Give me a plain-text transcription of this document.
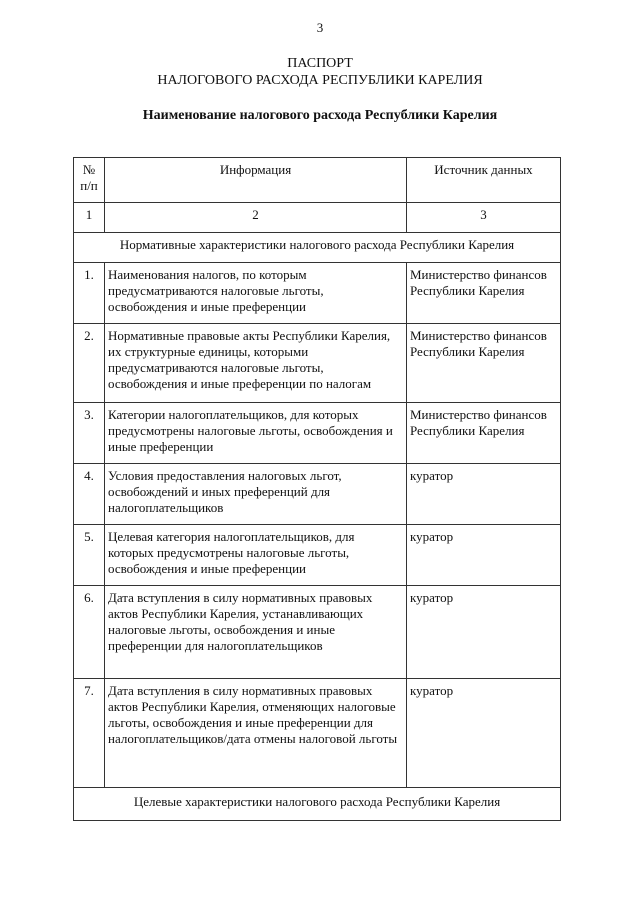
3
ПАСПОРТ
НАЛОГОВОГО РАСХОДА РЕСПУБЛИКИ КАРЕЛИЯ
Наименование налогового расхода Республики Карелия
№ п/п	Информация	Источник данных
1	2	3
Нормативные характеристики налогового расхода Республики Карелия		
1.	Наименования налогов, по которым предусматриваются налоговые льготы, освобождения и иные преференции	Министерство финансов Республики Карелия
2.	Нормативные правовые акты Республики Карелия, их структурные единицы, которыми предусматриваются налоговые льготы, освобождения и иные преференции по налогам	Министерство финансов Республики Карелия
3.	Категории налогоплательщиков, для которых предусмотрены налоговые льготы, освобождения и иные преференции	Министерство финансов Республики Карелия
4.	Условия предоставления налоговых льгот, освобождений и иных преференций для налогоплательщиков	куратор
5.	Целевая категория налогоплательщиков, для которых предусмотрены налоговые льготы, освобождения и иные преференции	куратор
6.	Дата вступления в силу нормативных правовых актов Республики Карелия, устанавливающих налоговые льготы, освобождения и иные преференции для налогоплательщиков	куратор
7.	Дата вступления в силу нормативных правовых актов Республики Карелия, отменяющих налоговые льготы, освобождения и иные преференции для налогоплательщиков/дата отмены налоговой льготы	куратор
Целевые характеристики налогового расхода Республики Карелия		
